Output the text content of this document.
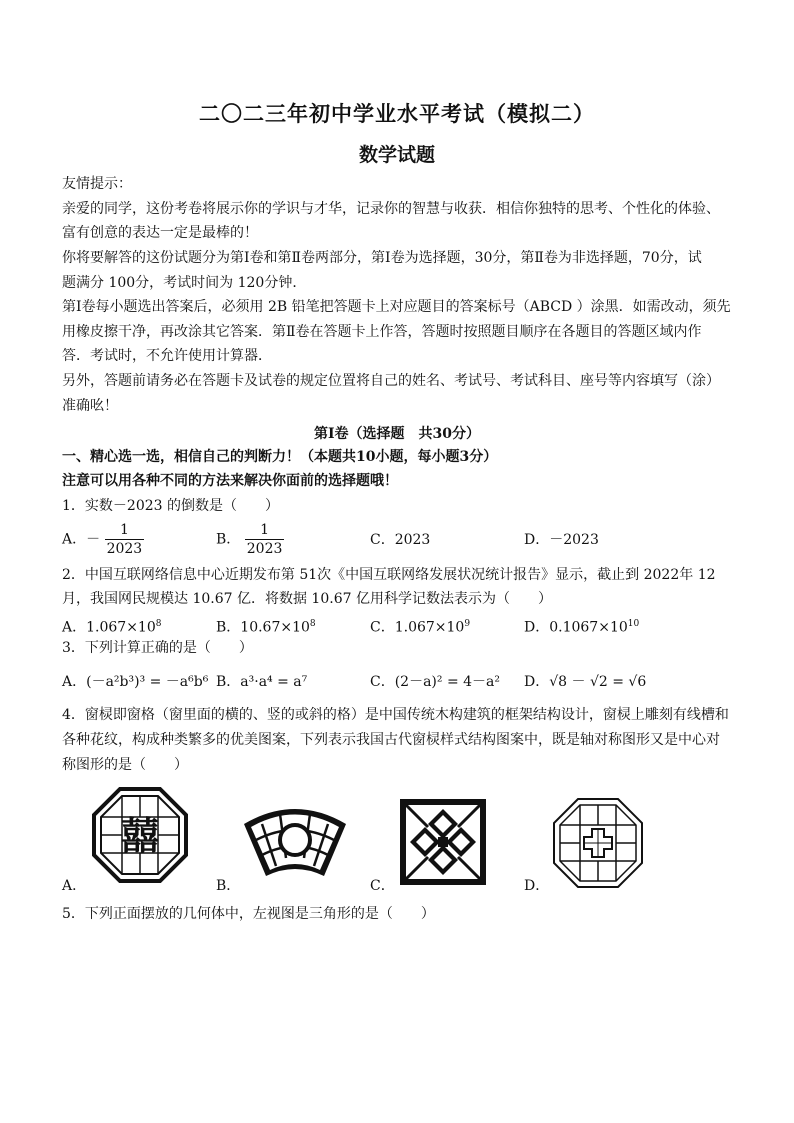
二〇二三年初中学业水平考试（模拟二）
数学试题
友情提示：
亲爱的同学，这份考卷将展示你的学识与才华，记录你的智慧与收获．相信你独特的思考、个性化的体验、
富有创意的表达一定是最棒的！
你将要解答的这份试题分为第Ⅰ卷和第Ⅱ卷两部分，第Ⅰ卷为选择题，30分，第Ⅱ卷为非选择题，70分，试
题满分 100分，考试时间为 120分钟．
第Ⅰ卷每小题选出答案后，必须用 2B 铅笔把答题卡上对应题目的答案标号（ABCD ）涂黑．如需改动，须先
用橡皮擦干净，再改涂其它答案．第Ⅱ卷在答题卡上作答，答题时按照题目顺序在各题目的答题区域内作
答．考试时，不允许使用计算器．
另外，答题前请务必在答题卡及试卷的规定位置将自己的姓名、考试号、考试科目、座号等内容填写（涂）
准确吆！
第Ⅰ卷（选择题　共30分）
一、精心选一选，相信自己的判断力！（本题共10小题，每小题3分）
注意可以用各种不同的方法来解决你面前的选择题哦！
1．实数－2023 的倒数是（　　）
A．－ $\frac{1}{2023}$	B． $\frac{1}{2023}$	C．2023	D．－2023
2．中国互联网络信息中心近期发布第 51次《中国互联网络发展状况统计报告》显示，截止到 2022年 12
月，我国网民规模达 10.67 亿．将数据 10.67 亿用科学记数法表示为（　　）
A．$1.067\times 10^8$	B．$10.67\times 10^8$	C．$1.067\times 10^9$	D．$0.1067\times 10^{10}$
3．下列计算正确的是（　　）
A．(－a²b³)³ = －a⁶b⁶ B．a³·a⁴ = a⁷	C．(2－a)² = 4－a² D．√8 － √2 = √6
4．窗棂即窗格（窗里面的横的、竖的或斜的格）是中国传统木构建筑的框架结构设计，窗棂上雕刻有线槽和
各种花纹，构成种类繁多的优美图案，下列表示我国古代窗棂样式结构图案中，既是轴对称图形又是中心对
称图形的是（　　）
囍
A．	B．	C．	D．
5．下列正面摆放的几何体中，左视图是三角形的是（　　）
